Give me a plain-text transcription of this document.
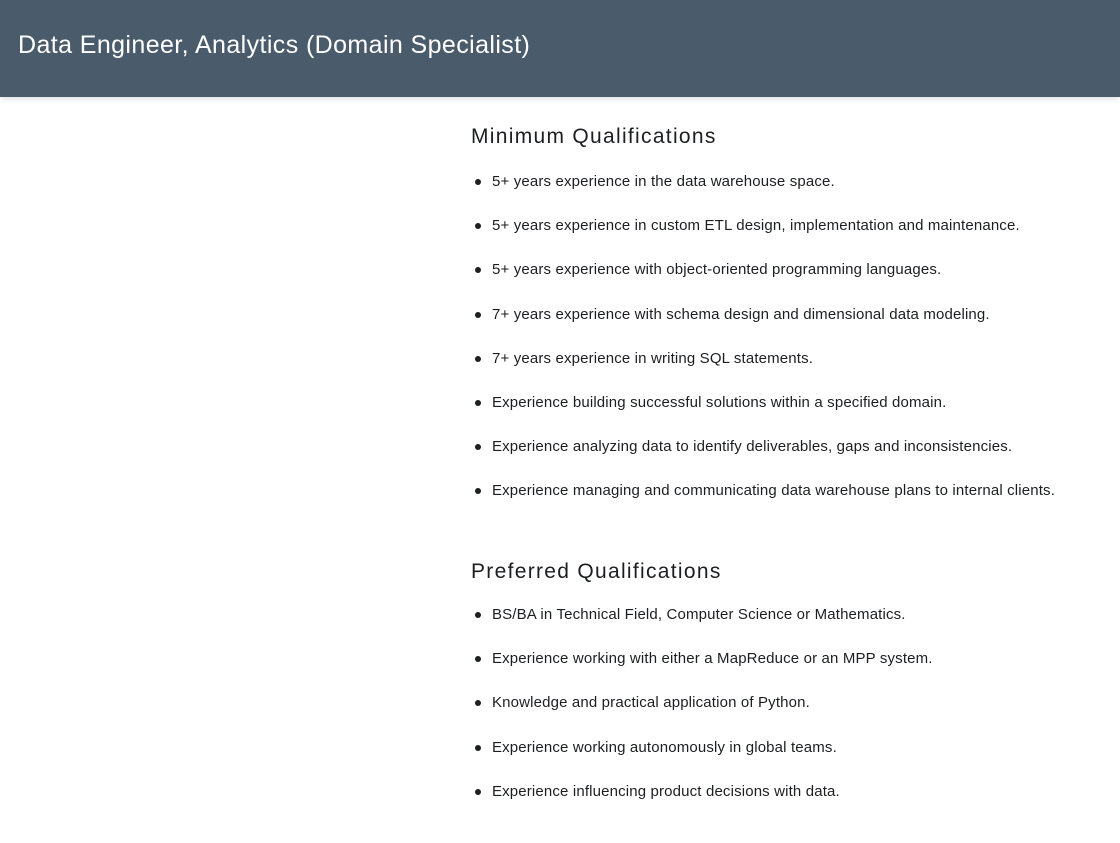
Data Engineer, Analytics (Domain Specialist)
Minimum Qualifications
5+ years experience in the data warehouse space.
5+ years experience in custom ETL design, implementation and maintenance.
5+ years experience with object-oriented programming languages.
7+ years experience with schema design and dimensional data modeling.
7+ years experience in writing SQL statements.
Experience building successful solutions within a specified domain.
Experience analyzing data to identify deliverables, gaps and inconsistencies.
Experience managing and communicating data warehouse plans to internal clients.
Preferred Qualifications
BS/BA in Technical Field, Computer Science or Mathematics.
Experience working with either a MapReduce or an MPP system.
Knowledge and practical application of Python.
Experience working autonomously in global teams.
Experience influencing product decisions with data.
